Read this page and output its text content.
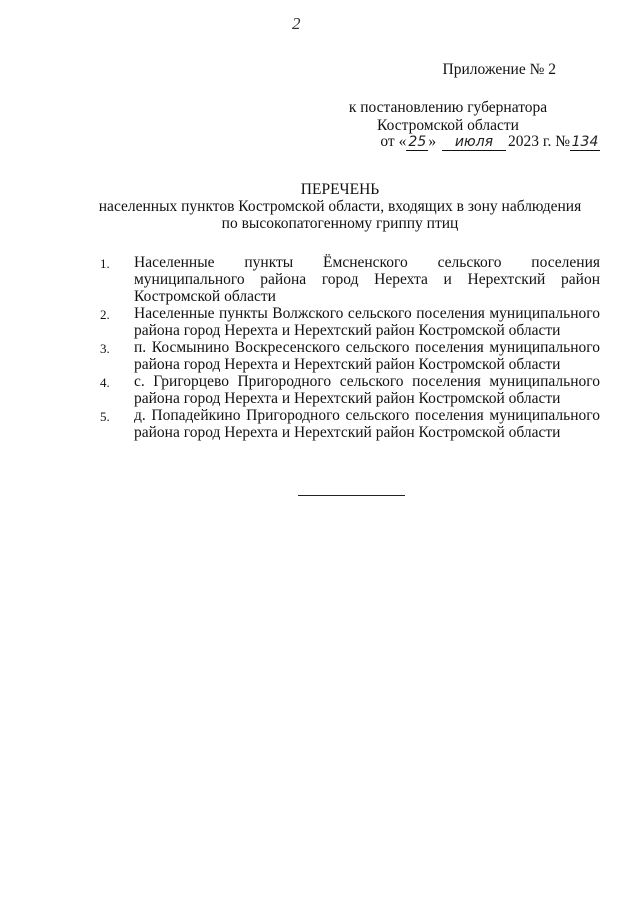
2
Приложение № 2
к постановлению губернатора
Костромской области
от « 25 » июля 2023 г. № 134
ПЕРЕЧЕНЬ
населенных пунктов Костромской области, входящих в зону наблюдения
по высокопатогенному гриппу птиц
1. Населенные пункты Ёмсненского сельского поселения муниципального района город Нерехта и Нерехтский район Костромской области
2. Населенные пункты Волжского сельского поселения муниципального района город Нерехта и Нерехтский район Костромской области
3. п. Космынино Воскресенского сельского поселения муниципального района город Нерехта и Нерехтский район Костромской области
4. с. Григорцево Пригородного сельского поселения муниципального района город Нерехта и Нерехтский район Костромской области
5. д. Попадейкино Пригородного сельского поселения муниципального района город Нерехта и Нерехтский район Костромской области
